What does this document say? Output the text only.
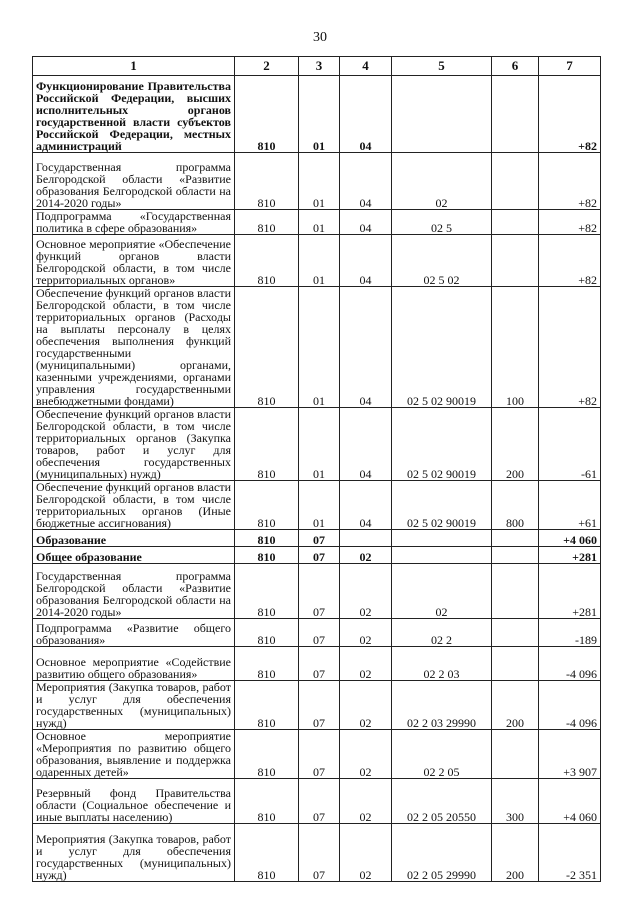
30
1	2	3	4	5	6	7
Функционирование Правительства Российской Федерации, высших исполнительных органов государственной власти субъектов Российской Федерации, местных администраций	810	01	04			+82
Государственная программа Белгородской области «Развитие образования Белгородской области на 2014-2020 годы»	810	01	04	02		+82
Подпрограмма «Государственная политика в сфере образования»	810	01	04	02 5		+82
Основное мероприятие «Обеспечение функций органов власти Белгородской области, в том числе территориальных органов»	810	01	04	02 5 02		+82
Обеспечение функций органов власти Белгородской области, в том числе территориальных органов (Расходы на выплаты персоналу в целях обеспечения выполнения функций государственными (муниципальными) органами, казенными учреждениями, органами управления государственными внебюджетными фондами)	810	01	04	02 5 02 90019	100	+82
Обеспечение функций органов власти Белгородской области, в том числе территориальных органов (Закупка товаров, работ и услуг для обеспечения государственных (муниципальных) нужд)	810	01	04	02 5 02 90019	200	-61
Обеспечение функций органов власти Белгородской области, в том числе территориальных органов (Иные бюджетные ассигнования)	810	01	04	02 5 02 90019	800	+61
Образование	810	07				+4 060
Общее образование	810	07	02			+281
Государственная программа Белгородской области «Развитие образования Белгородской области на 2014-2020 годы»	810	07	02	02		+281
Подпрограмма «Развитие общего образования»	810	07	02	02 2		-189
Основное мероприятие «Содействие развитию общего образования»	810	07	02	02 2 03		-4 096
Мероприятия (Закупка товаров, работ и услуг для обеспечения государственных (муниципальных) нужд)	810	07	02	02 2 03 29990	200	-4 096
Основное мероприятие «Мероприятия по развитию общего образования, выявление и поддержка одаренных детей»	810	07	02	02 2 05		+3 907
Резервный фонд Правительства области (Социальное обеспечение и иные выплаты населению)	810	07	02	02 2 05 20550	300	+4 060
Мероприятия (Закупка товаров, работ и услуг для обеспечения государственных (муниципальных) нужд)	810	07	02	02 2 05 29990	200	-2 351
